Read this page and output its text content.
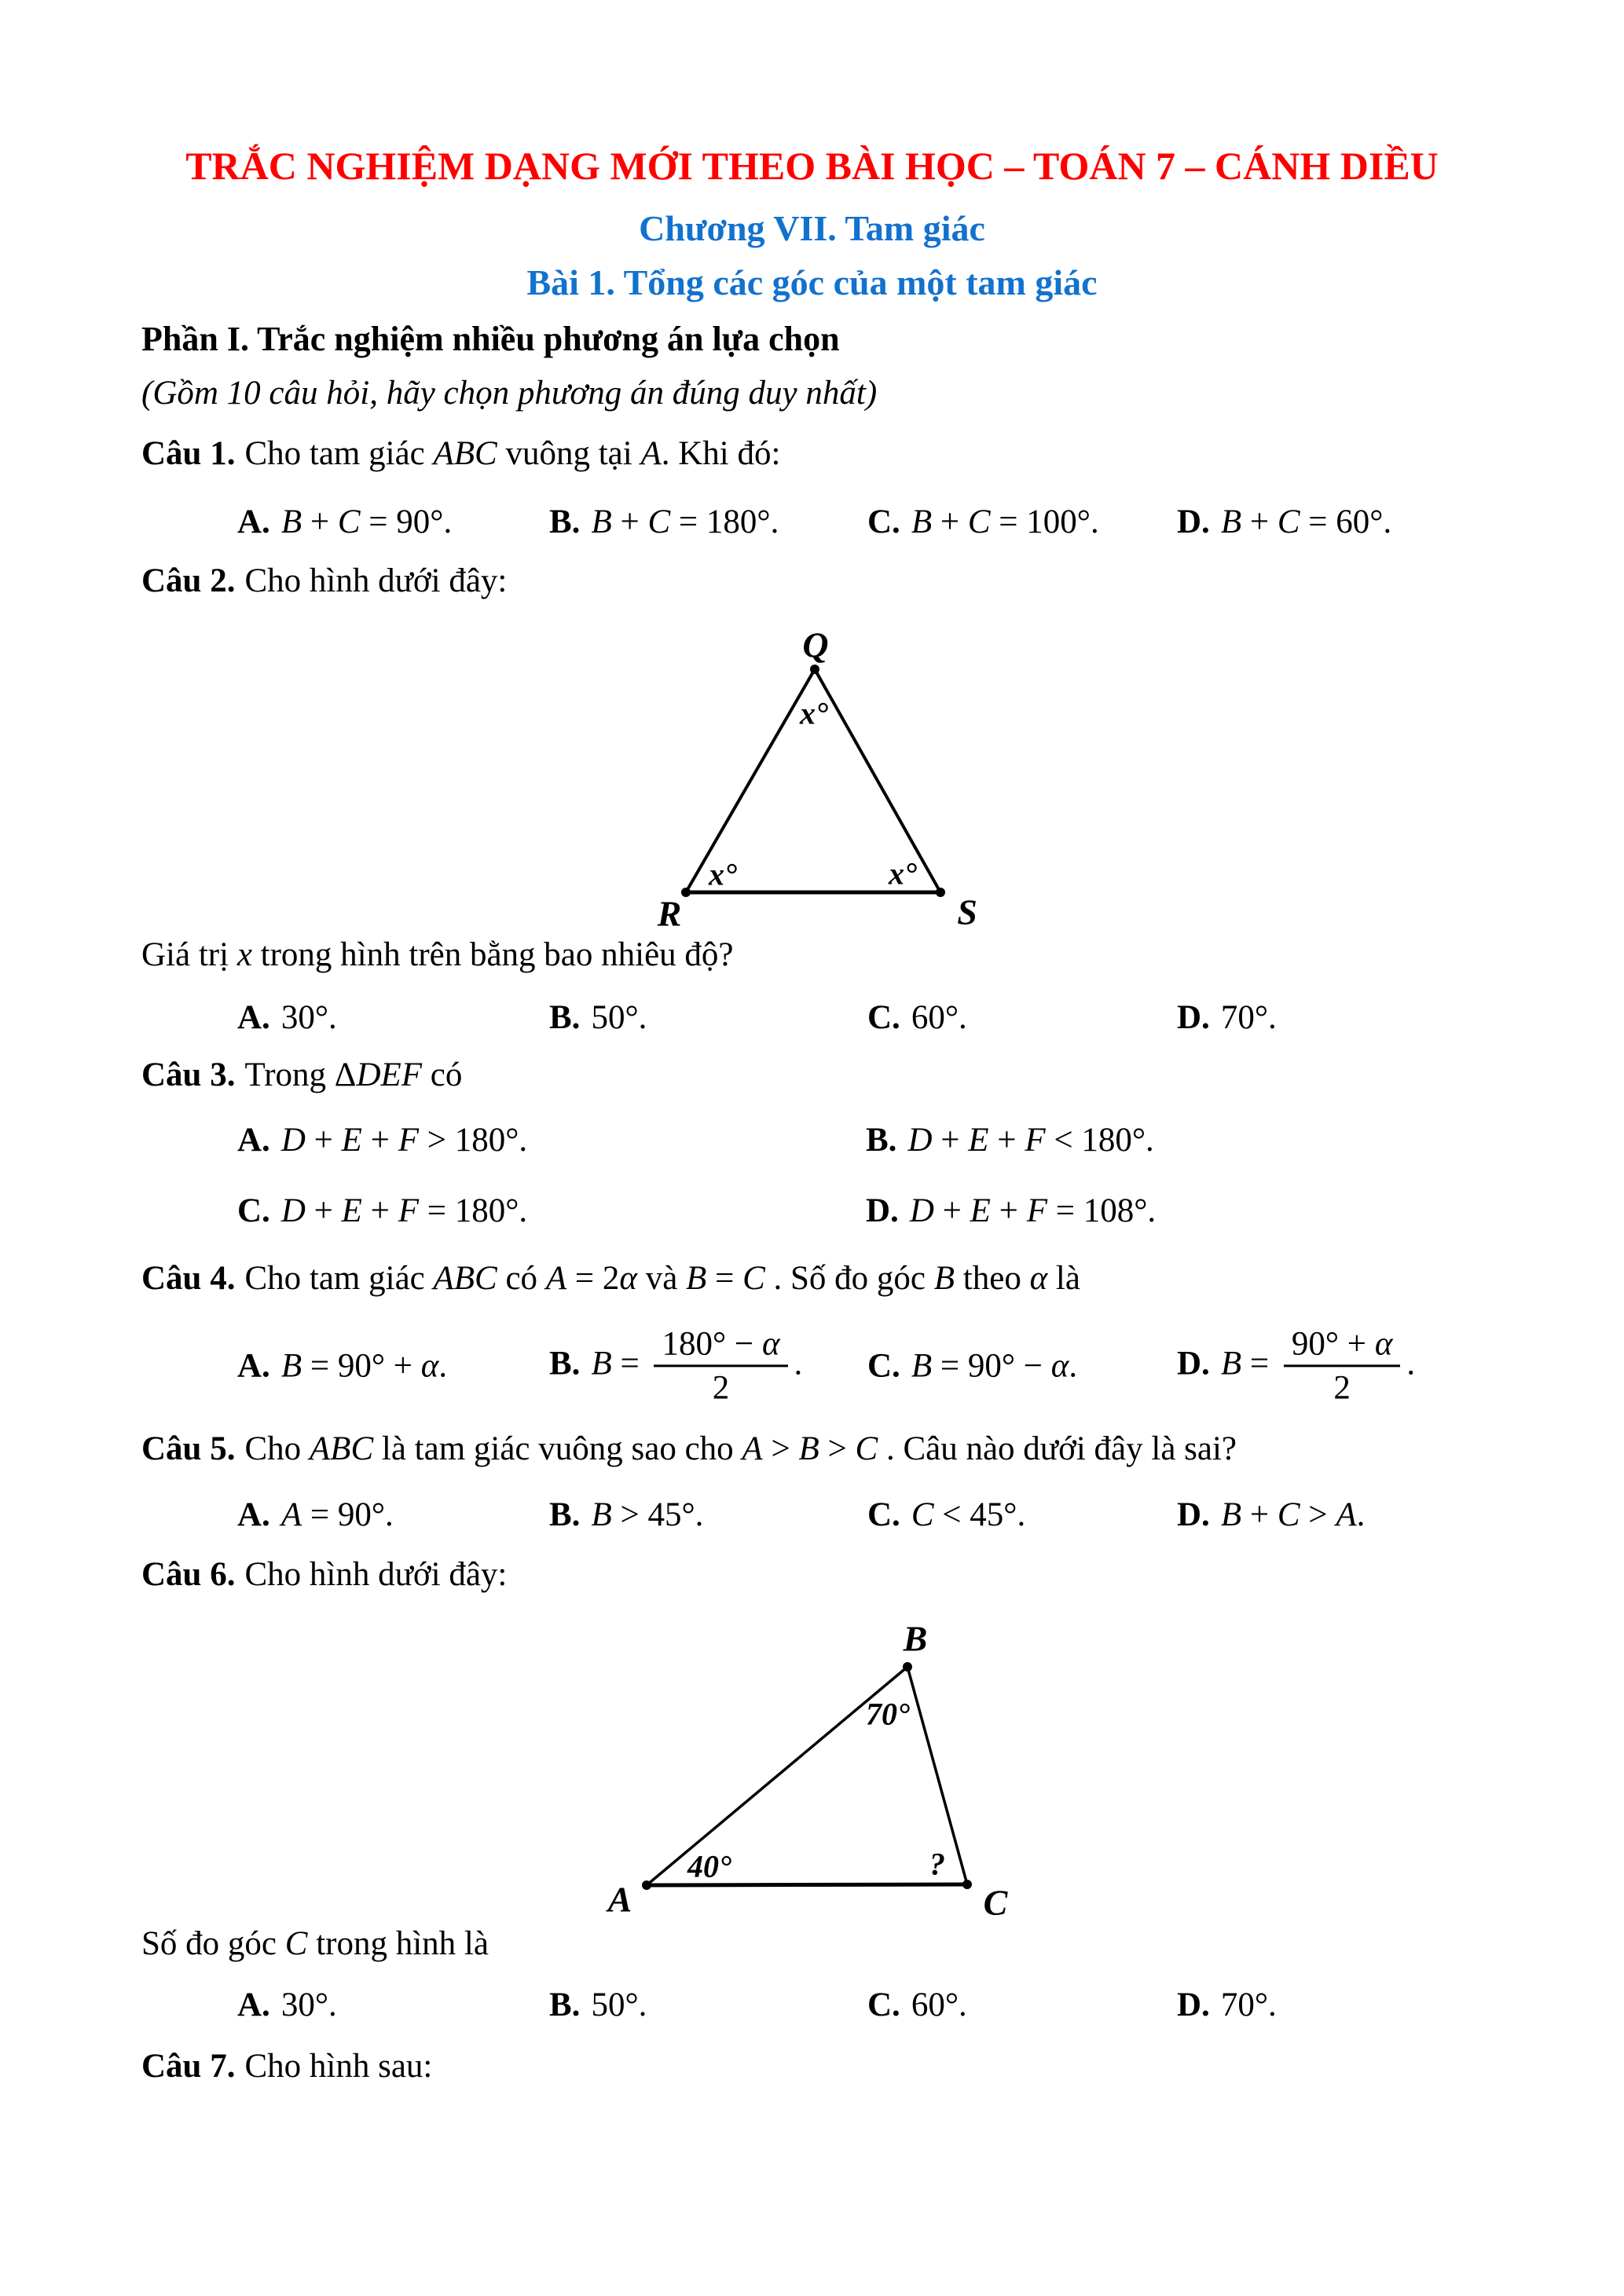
TRẮC NGHIỆM DẠNG MỚI THEO BÀI HỌC – TOÁN 7 – CÁNH DIỀU
Chương VII. Tam giác
Bài 1. Tổng các góc của một tam giác
Phần I. Trắc nghiệm nhiều phương án lựa chọn
(Gồm 10 câu hỏi, hãy chọn phương án đúng duy nhất)
Câu 1. Cho tam giác ABC vuông tại A. Khi đó:
A. B + C = 90°.	B. B + C = 180°.	C. B + C = 100°. D. B + C = 60°.
Câu 2. Cho hình dưới đây:
Q
R	S
x°
x°	x°
Giá trị x trong hình trên bằng bao nhiêu độ?
A. 30°.	B. 50°.	C. 60°.	D. 70°.
Câu 3. Trong ΔDEF có
A. D + E + F > 180°.	B. D + E + F < 180°.
C. D + E + F = 180°.	D. D + E + F = 108°.
Câu 4. Cho tam giác ABC có A = 2α và B = C . Số đo góc B theo α là
A. B = 90° + α.	B. $B = \frac{180^\circ - \alpha}{2}$ . C. B = 90° − α.	D. $B = \frac{90^\circ + \alpha}{2}$ .
Câu 5. Cho ABC là tam giác vuông sao cho A > B > C . Câu nào dưới đây là sai?
A. A = 90°.	B. B > 45°.	C. C < 45°.	D. B + C > A.
Câu 6. Cho hình dưới đây:
B
A	C
70°
40°	?
Số đo góc C trong hình là
A. 30°.	B. 50°.	C. 60°.	D. 70°.
Câu 7. Cho hình sau:
